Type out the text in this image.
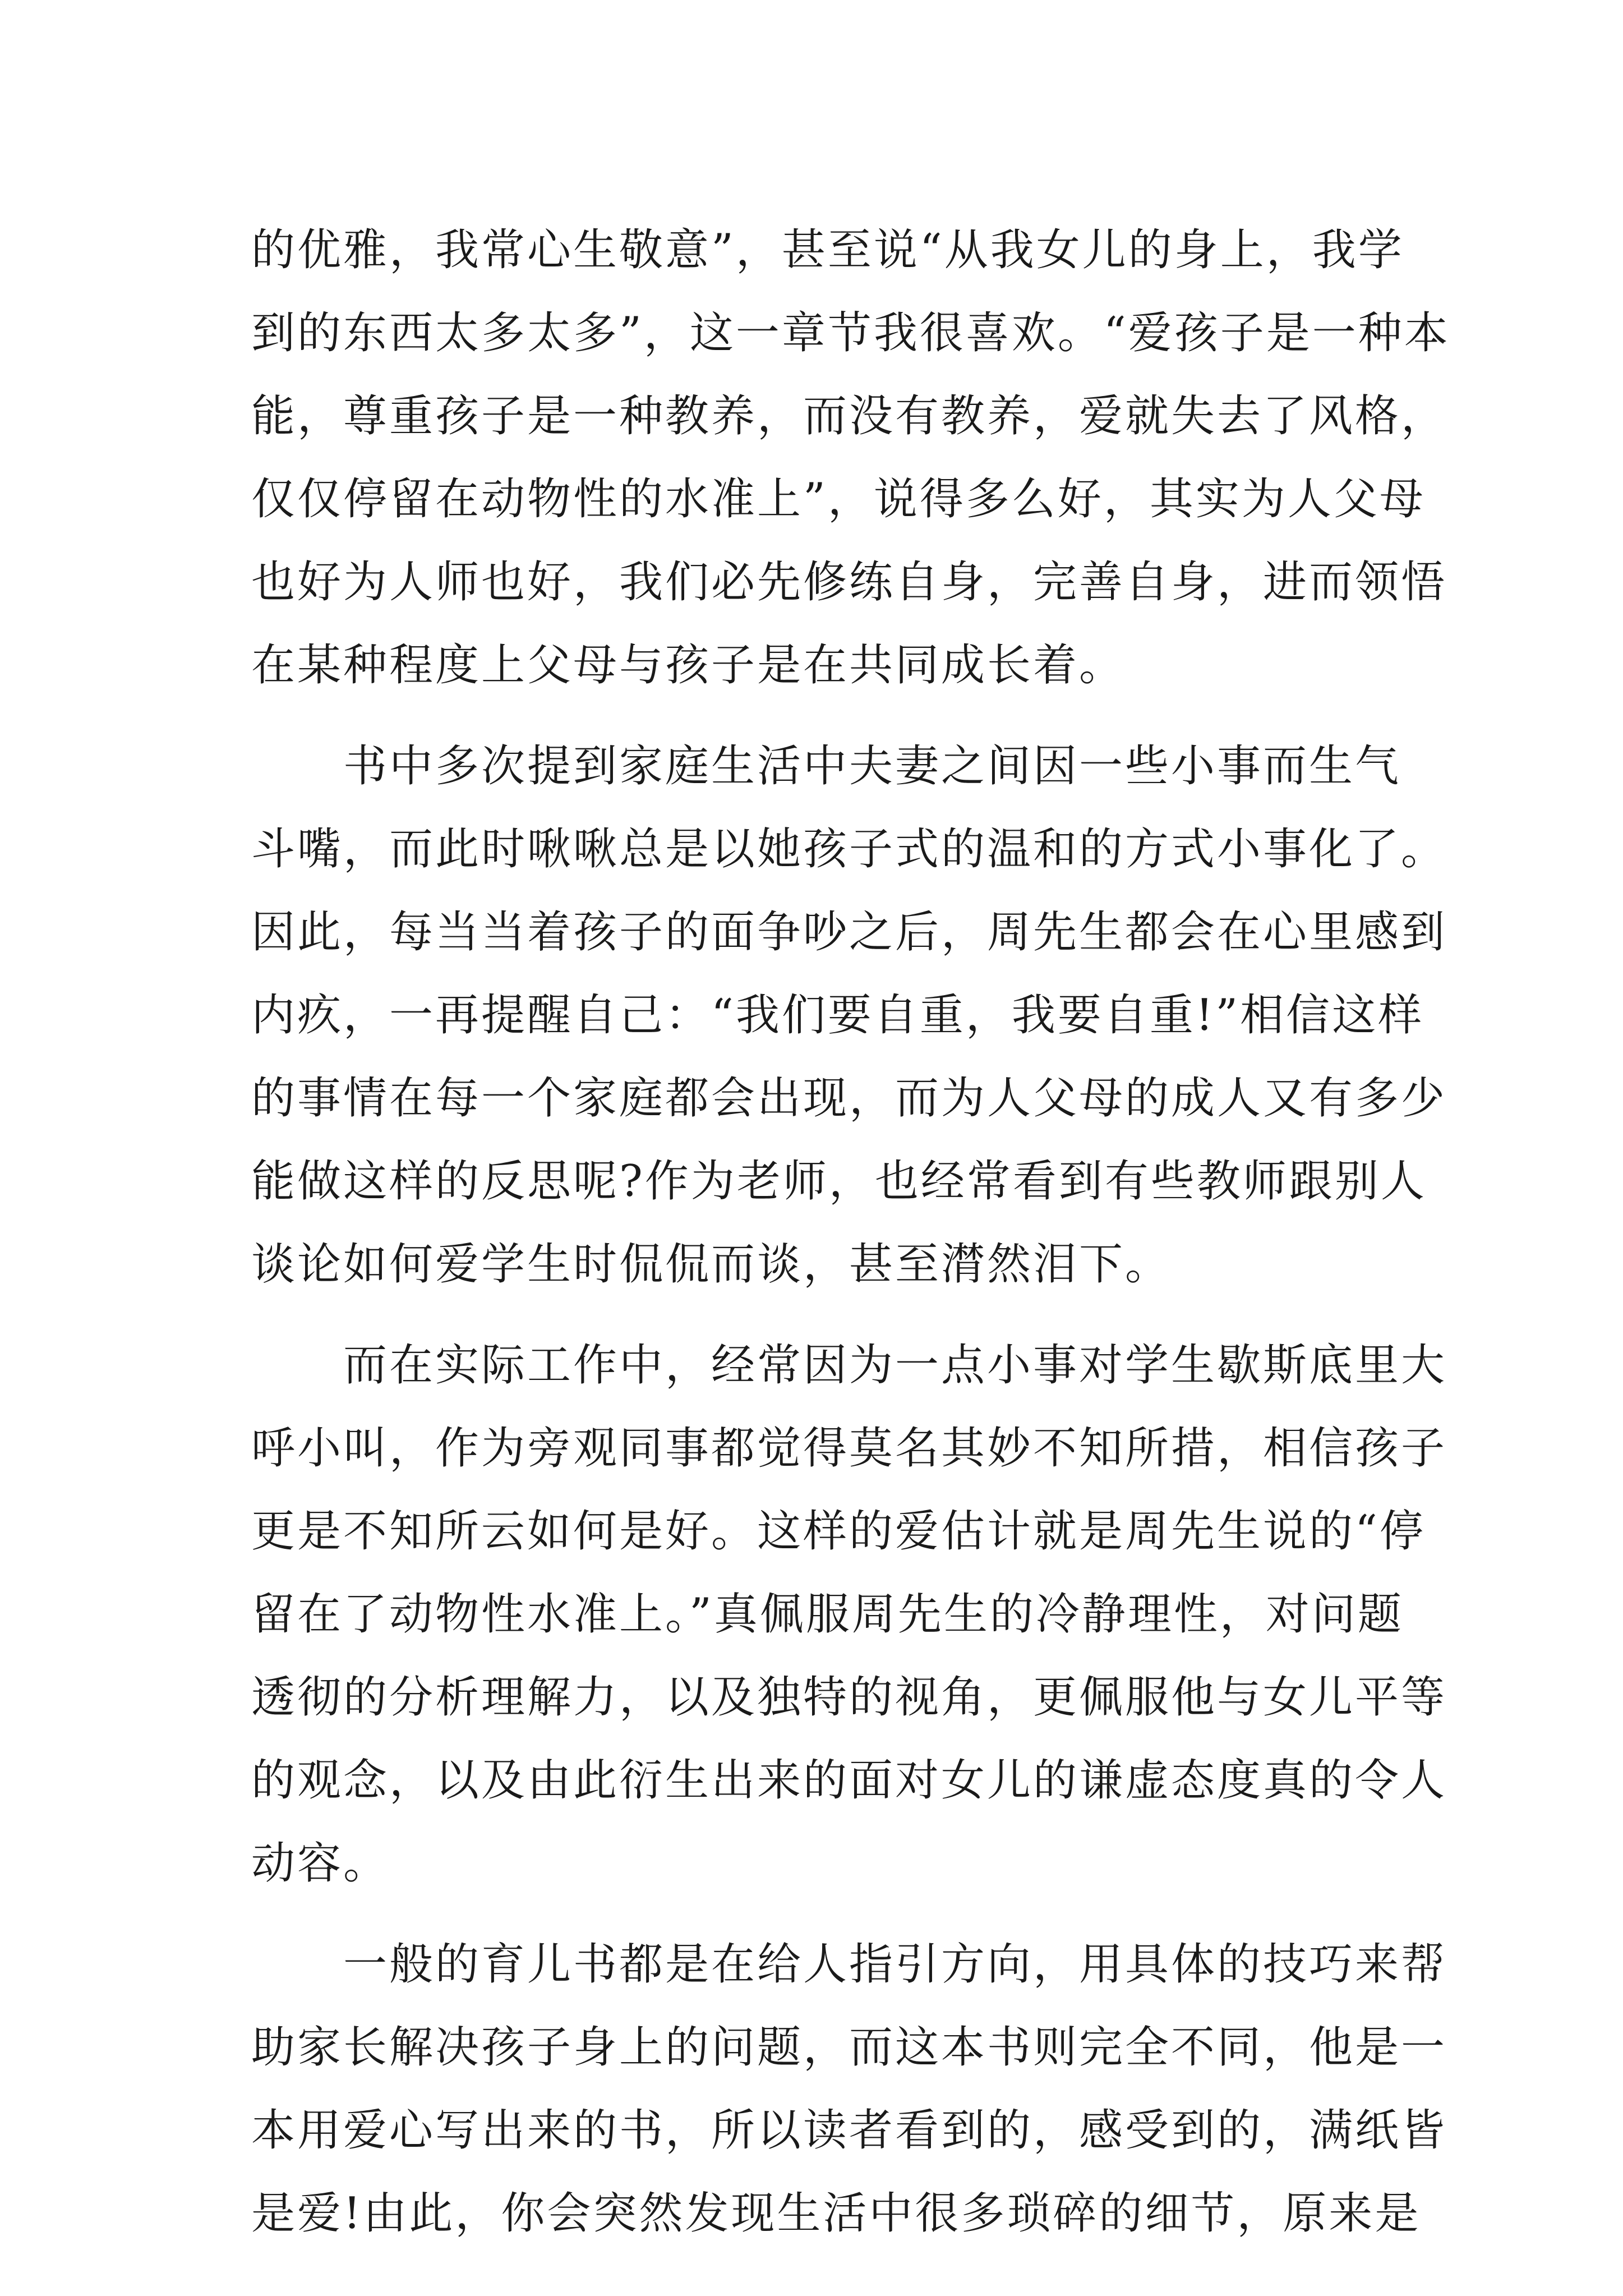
的优雅，我常心生敬意”，甚至说“从我女儿的身上，我学
到的东西太多太多”，这一章节我很喜欢。“爱孩子是一种本
能，尊重孩子是一种教养，而没有教养，爱就失去了风格，
仅仅停留在动物性的水准上”，说得多么好，其实为人父母
也好为人师也好，我们必先修练自身，完善自身，进而领悟
在某种程度上父母与孩子是在共同成长着。
　　书中多次提到家庭生活中夫妻之间因一些小事而生气
斗嘴，而此时啾啾总是以她孩子式的温和的方式小事化了。
因此，每当当着孩子的面争吵之后，周先生都会在心里感到
内疚，一再提醒自己：“我们要自重，我要自重!”相信这样
的事情在每一个家庭都会出现，而为人父母的成人又有多少
能做这样的反思呢?作为老师，也经常看到有些教师跟别人
谈论如何爱学生时侃侃而谈，甚至潸然泪下。
　　而在实际工作中，经常因为一点小事对学生歇斯底里大
呼小叫，作为旁观同事都觉得莫名其妙不知所措，相信孩子
更是不知所云如何是好。这样的爱估计就是周先生说的“停
留在了动物性水准上。”真佩服周先生的冷静理性，对问题
透彻的分析理解力，以及独特的视角，更佩服他与女儿平等
的观念，以及由此衍生出来的面对女儿的谦虚态度真的令人
动容。
　　一般的育儿书都是在给人指引方向，用具体的技巧来帮
助家长解决孩子身上的问题，而这本书则完全不同，他是一
本用爱心写出来的书，所以读者看到的，感受到的，满纸皆
是爱!由此，你会突然发现生活中很多琐碎的细节，原来是
